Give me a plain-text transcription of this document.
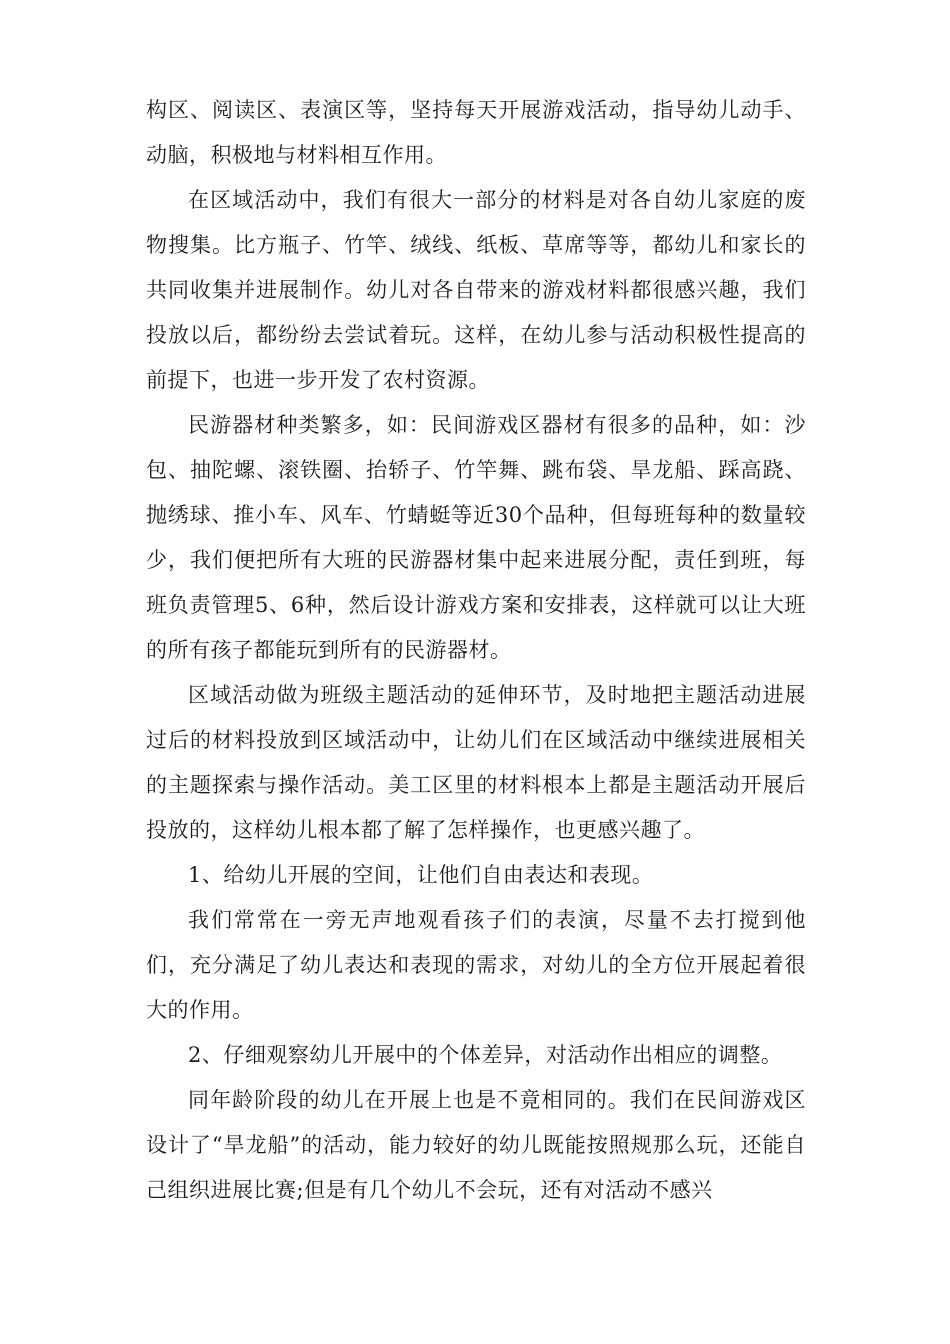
构区、阅读区、表演区等，坚持每天开展游戏活动，指导幼儿动手、动脑，积极地与材料相互作用。

在区域活动中，我们有很大一部分的材料是对各自幼儿家庭的废物搜集。比方瓶子、竹竿、绒线、纸板、草席等等，都幼儿和家长的共同收集并进展制作。幼儿对各自带来的游戏材料都很感兴趣，我们投放以后，都纷纷去尝试着玩。这样，在幼儿参与活动积极性提高的前提下，也进一步开发了农村资源。

民游器材种类繁多，如：民间游戏区器材有很多的品种，如：沙包、抽陀螺、滚铁圈、抬轿子、竹竿舞、跳布袋、旱龙船、踩高跷、抛绣球、推小车、风车、竹蜻蜓等近30个品种，但每班每种的数量较少，我们便把所有大班的民游器材集中起来进展分配，责任到班，每班负责管理5、6种，然后设计游戏方案和安排表，这样就可以让大班的所有孩子都能玩到所有的民游器材。

区域活动做为班级主题活动的延伸环节，及时地把主题活动进展过后的材料投放到区域活动中，让幼儿们在区域活动中继续进展相关的主题探索与操作活动。美工区里的材料根本上都是主题活动开展后投放的，这样幼儿根本都了解了怎样操作，也更感兴趣了。

1、给幼儿开展的空间，让他们自由表达和表现。

我们常常在一旁无声地观看孩子们的表演，尽量不去打搅到他们，充分满足了幼儿表达和表现的需求，对幼儿的全方位开展起着很大的作用。

2、仔细观察幼儿开展中的个体差异，对活动作出相应的调整。

同年龄阶段的幼儿在开展上也是不竟相同的。我们在民间游戏区设计了“旱龙船”的活动，能力较好的幼儿既能按照规那么玩，还能自己组织进展比赛;但是有几个幼儿不会玩，还有对活动不感兴
